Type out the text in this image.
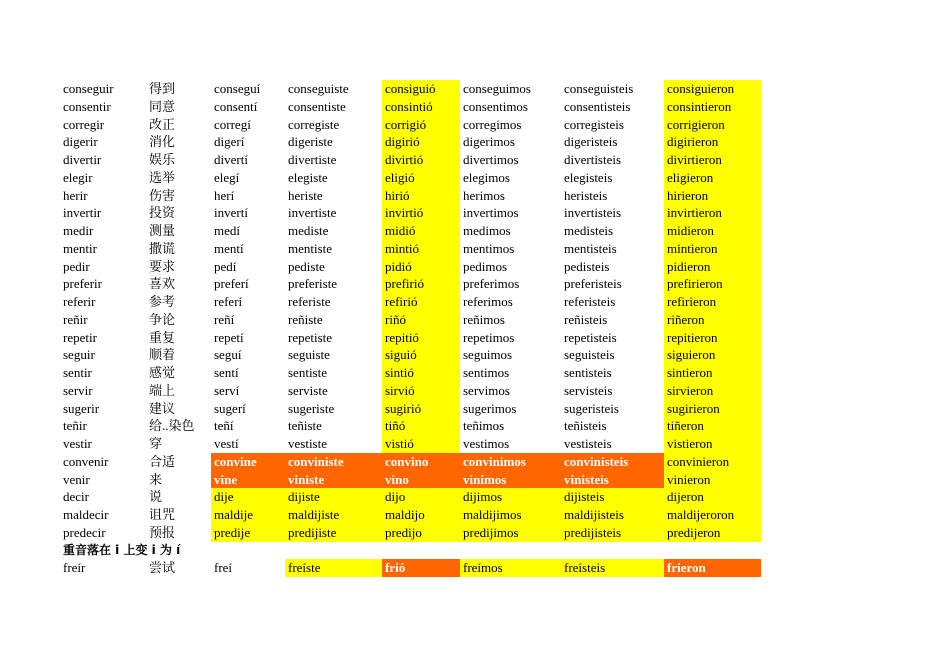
conseguir	得到	conseguí	conseguiste	consiguió	conseguimos	conseguisteis	consiguieron
consentir	同意	consentí	consentiste	consintió	consentimos	consentisteis	consintieron
corregir	改正	corregí	corregiste	corrigió	corregimos	corregisteis	corrigieron
digerir	消化	digerí	digeriste	digirió	digerimos	digeristeis	digirieron
divertir	娱乐	divertí	divertiste	divirtió	divertimos	divertisteis	divirtieron
elegir	选举	elegí	elegiste	eligió	elegimos	elegisteis	eligieron
herir	伤害	herí	heriste	hirió	herimos	heristeis	hirieron
invertir	投资	invertí	invertiste	invirtió	invertimos	invertisteis	invirtieron
medir	测量	medí	mediste	midió	medimos	medisteis	midieron
mentir	撒谎	mentí	mentiste	mintió	mentimos	mentisteis	mintieron
pedir	要求	pedí	pediste	pidió	pedimos	pedisteis	pidieron
preferir	喜欢	preferí	preferiste	prefirió	preferimos	preferisteis	prefirieron
referir	参考	referí	referiste	refirió	referimos	referisteis	refirieron
reñir	争论	reñí	reñiste	riñó	reñimos	reñisteis	riñeron
repetir	重复	repetí	repetiste	repitió	repetimos	repetisteis	repitieron
seguir	顺着	seguí	seguiste	siguió	seguimos	seguisteis	siguieron
sentir	感觉	sentí	sentiste	sintió	sentimos	sentisteis	sintieron
servir	端上	serví	serviste	sirvió	servimos	servisteis	sirvieron
sugerir	建议	sugerí	sugeriste	sugirió	sugerimos	sugeristeis	sugirieron
teñir	给..染色	teñí	teñiste	tiñó	teñimos	teñisteis	tiñeron
vestir	穿	vestí	vestiste	vistió	vestimos	vestisteis	vistieron
convenir	合适	convine	conviniste	convino	convinimos	convinisteis	convinieron
venir	来	vine	viniste	vino	vinimos	vinisteis	vinieron
decir	说	dije	dijiste	dijo	dijimos	dijisteis	dijeron
maldecir	诅咒	maldije	maldijiste	maldijo	maldijimos	maldijisteis	maldijeroron
predecir	预报	predije	predijiste	predijo	predijimos	predijisteis	predijeron
重音落在 i 上变 i 为 í
freír	尝试	freí	freíste	frió	freímos	freísteis	frieron
